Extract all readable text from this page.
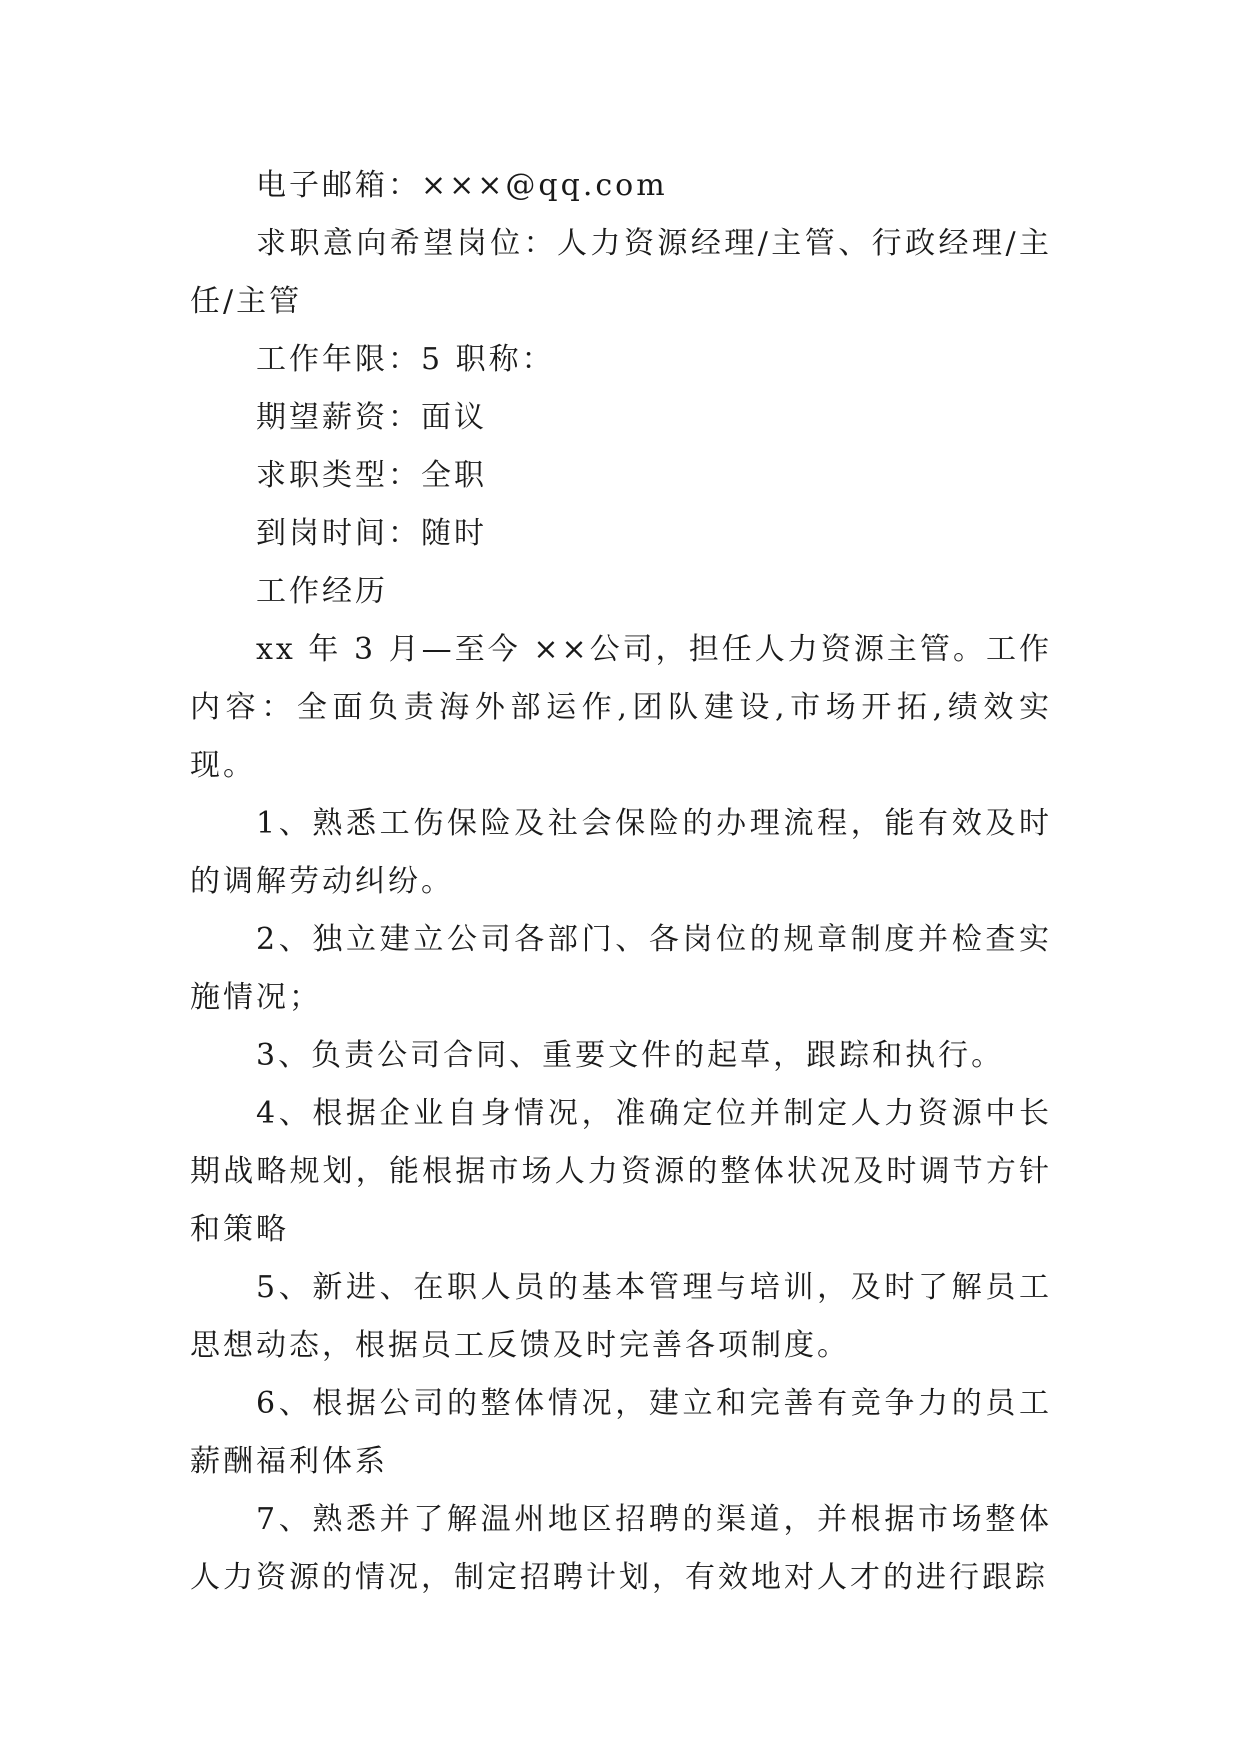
电子邮箱：×××@qq.com

求职意向希望岗位：人力资源经理/主管、行政经理/主任/主管

工作年限：5 职称：

期望薪资：面议

求职类型：全职

到岗时间：随时

工作经历

xx 年 3 月—至今 ××公司，担任人力资源主管。工作内容：全面负责海外部运作,团队建设,市场开拓,绩效实现。

1、熟悉工伤保险及社会保险的办理流程，能有效及时的调解劳动纠纷。

2、独立建立公司各部门、各岗位的规章制度并检查实施情况；

3、负责公司合同、重要文件的起草，跟踪和执行。

4、根据企业自身情况，准确定位并制定人力资源中长期战略规划，能根据市场人力资源的整体状况及时调节方针和策略

5、新进、在职人员的基本管理与培训，及时了解员工思想动态，根据员工反馈及时完善各项制度。

6、根据公司的整体情况，建立和完善有竞争力的员工薪酬福利体系

7、熟悉并了解温州地区招聘的渠道，并根据市场整体人力资源的情况，制定招聘计划，有效地对人才的进行跟踪
